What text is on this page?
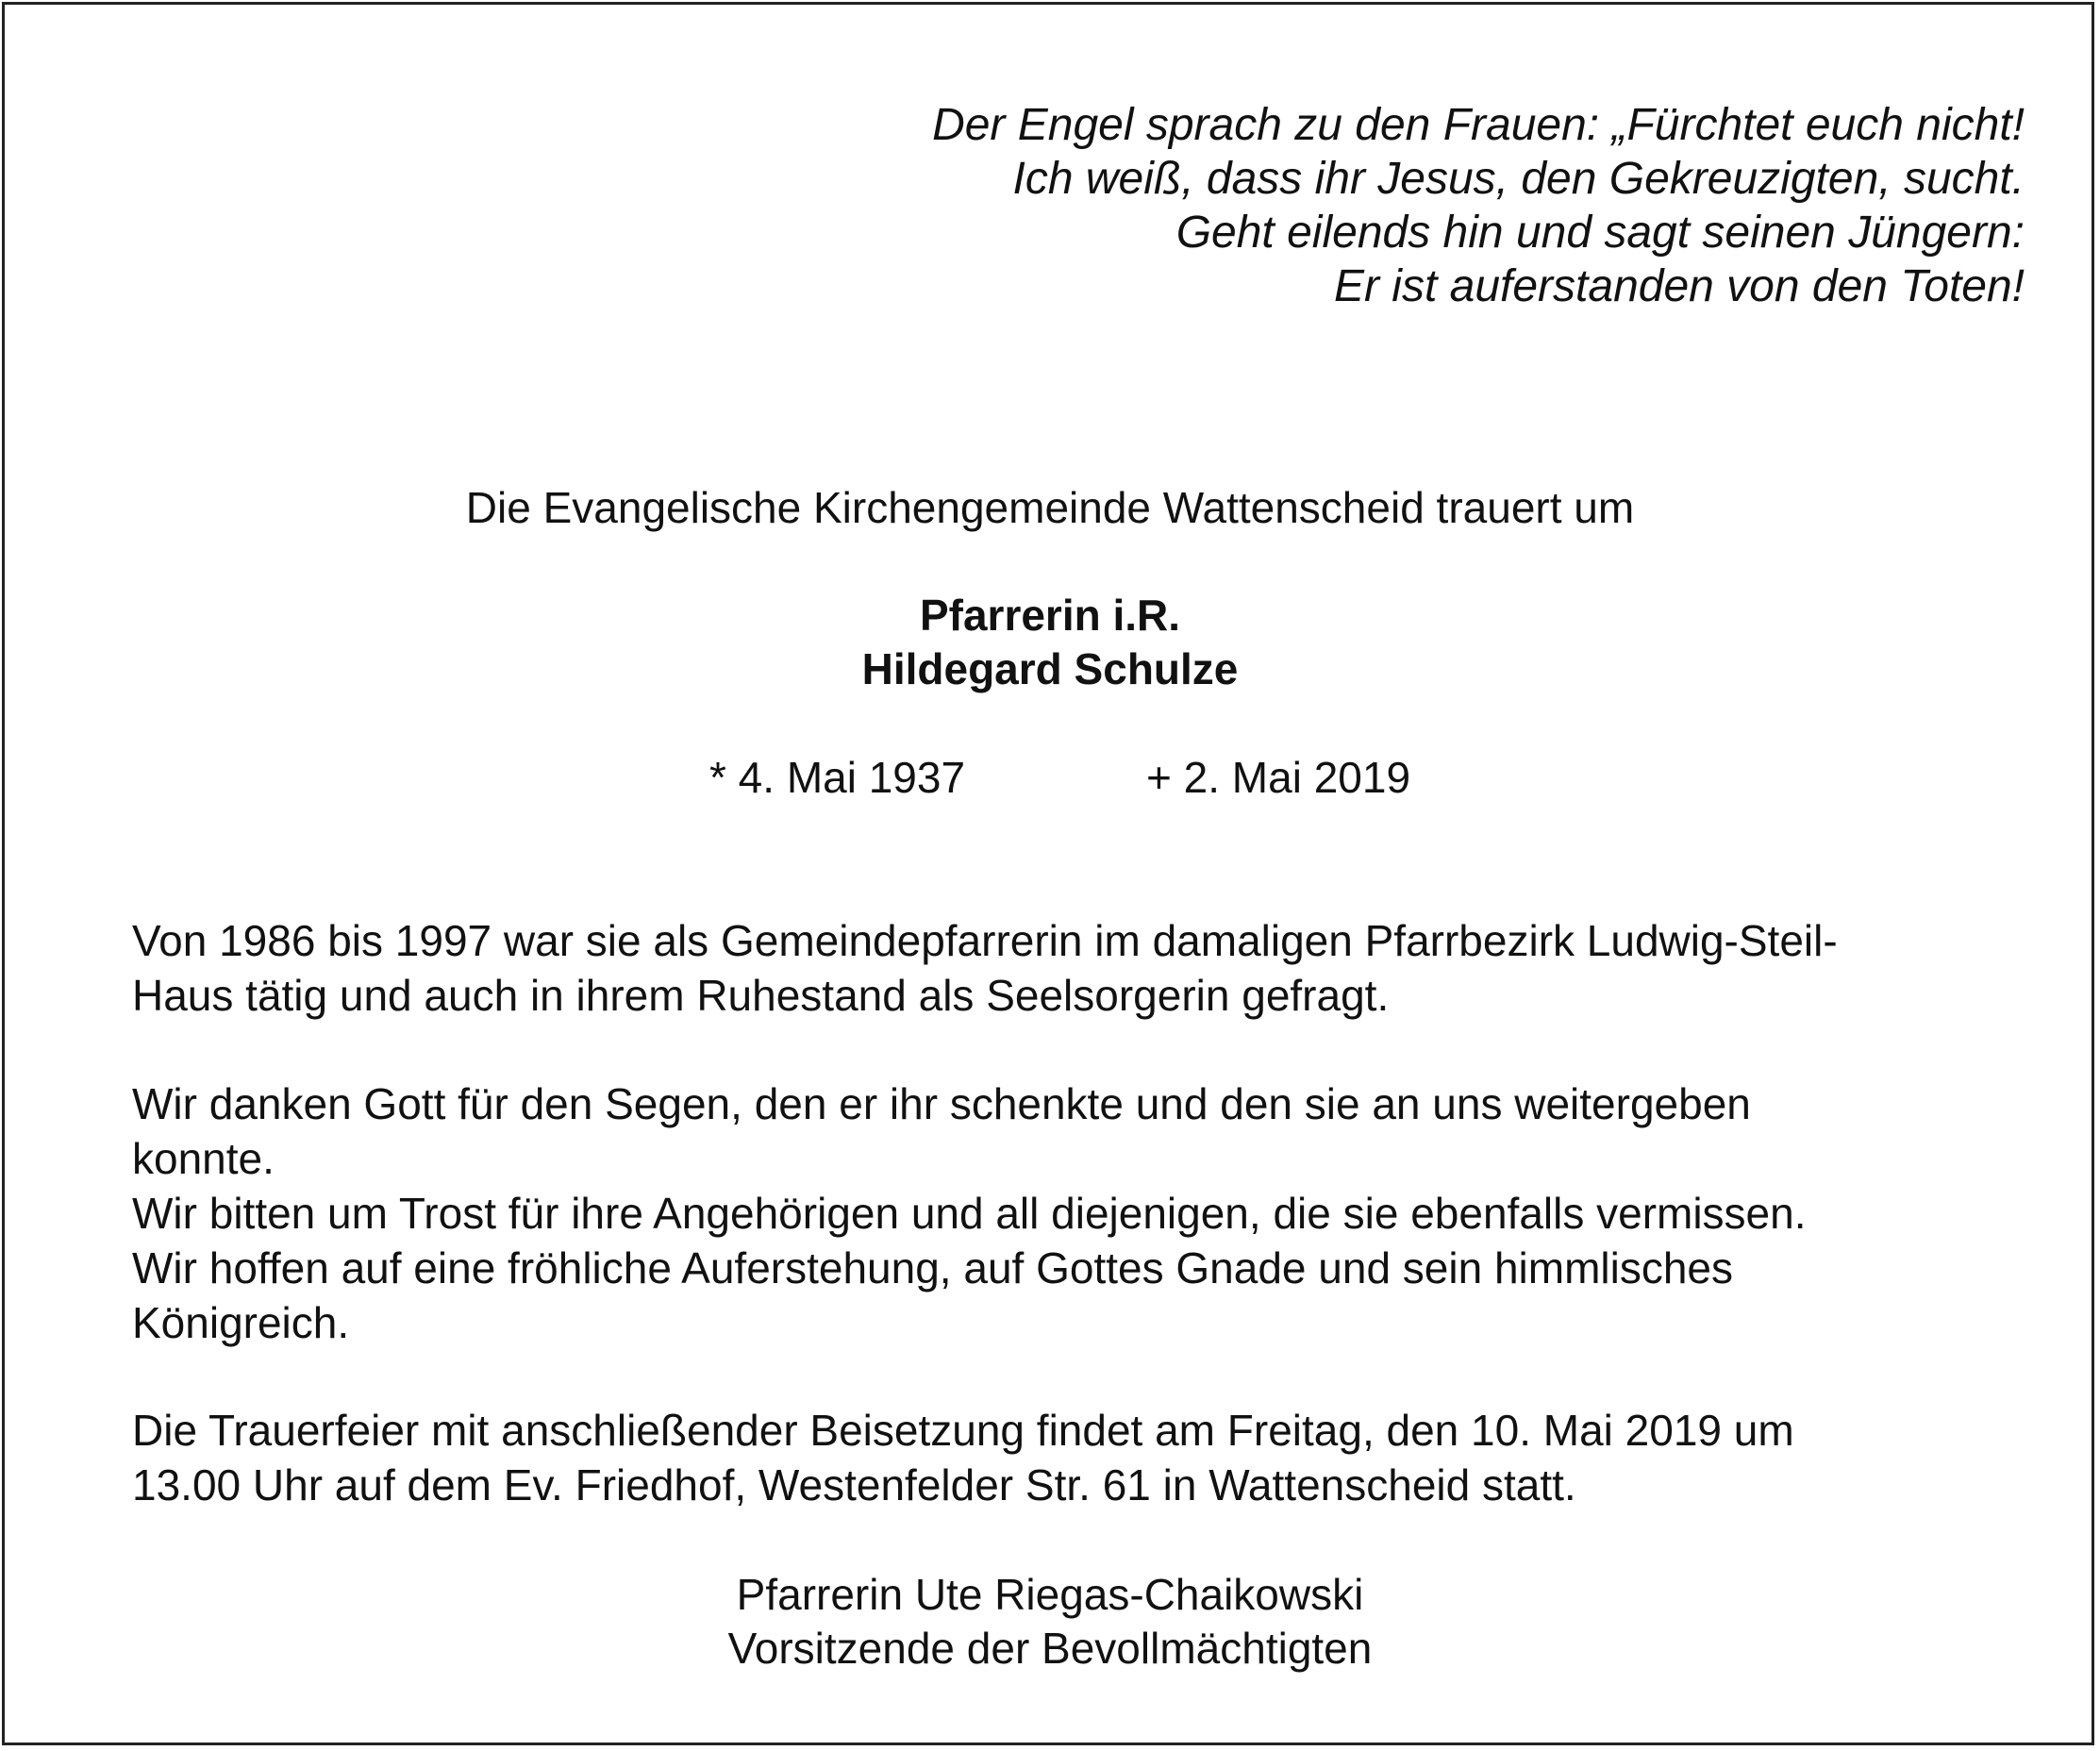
Der Engel sprach zu den Frauen: „Fürchtet euch nicht!
Ich weiß, dass ihr Jesus, den Gekreuzigten, sucht.
Geht eilends hin und sagt seinen Jüngern:
Er ist auferstanden von den Toten!
Die Evangelische Kirchengemeinde Wattenscheid trauert um
Pfarrerin i.R.
Hildegard Schulze
* 4. Mai 1937	+ 2. Mai 2019
Von 1986 bis 1997 war sie als Gemeindepfarrerin im damaligen Pfarrbezirk Ludwig-Steil-
Haus tätig und auch in ihrem Ruhestand als Seelsorgerin gefragt.
Wir danken Gott für den Segen, den er ihr schenkte und den sie an uns weitergeben
konnte.
Wir bitten um Trost für ihre Angehörigen und all diejenigen, die sie ebenfalls vermissen.
Wir hoffen auf eine fröhliche Auferstehung, auf Gottes Gnade und sein himmlisches
Königreich.
Die Trauerfeier mit anschließender Beisetzung findet am Freitag, den 10. Mai 2019 um
13.00 Uhr auf dem Ev. Friedhof, Westenfelder Str. 61 in Wattenscheid statt.
Pfarrerin Ute Riegas-Chaikowski
Vorsitzende der Bevollmächtigten
